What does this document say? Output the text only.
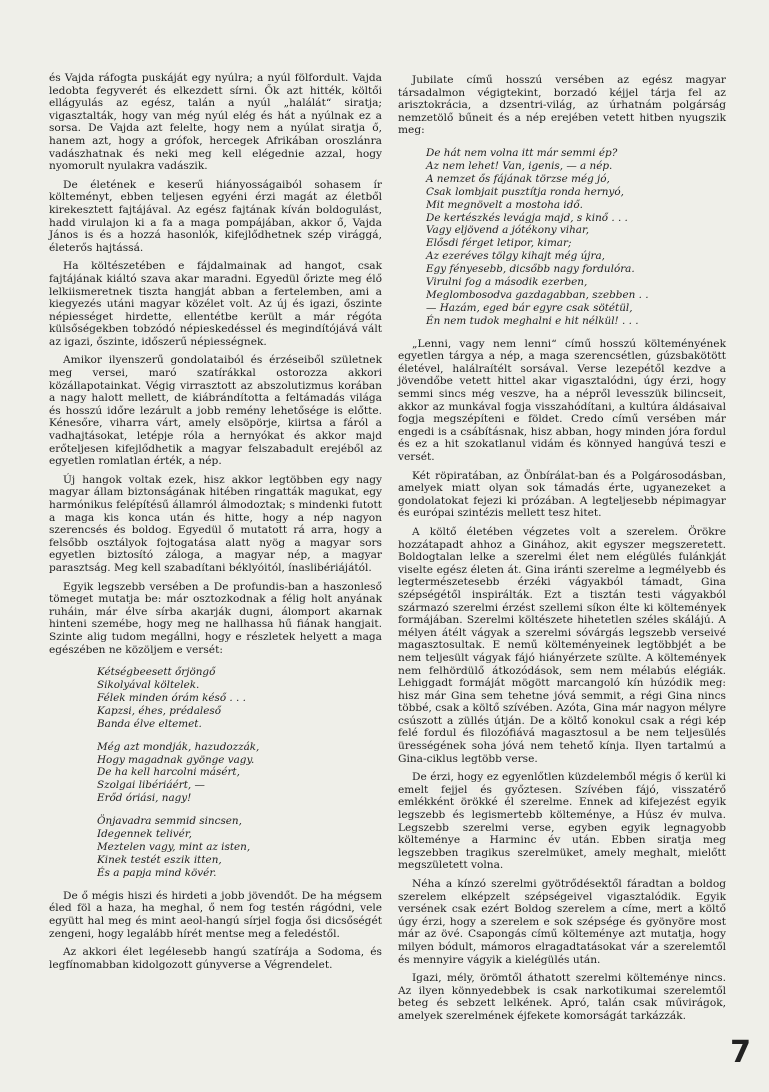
és Vajda ráfogta puskáját egy nyúlra; a nyúl fölfordult. Vajda ledobta fegyverét és elkezdett sírni. Ők azt hitték, költői ellágyulás az egész, talán a nyúl „halálát“ siratja; vigasztalták, hogy van még nyúl elég és hát a nyúlnak ez a sorsa. De Vajda azt felelte, hogy nem a nyúlat siratja ő, hanem azt, hogy a grófok, hercegek Afrikában oroszlánra vadászhatnak és neki meg kell elégednie azzal, hogy nyomorult nyulakra vadászik.

De életének e keserű hiányosságaiból sohasem ír költeményt, ebben teljesen egyéni érzi magát az életből kirekesztett fajtájával. Az egész fajtának kíván boldogulást, hadd virulajon ki a fa a maga pompájában, akkor ő, Vajda János is és a hozzá hasonlók, kifejlődhetnek szép virággá, életerős hajtássá.

Ha költészetében e fájdalmainak ad hangot, csak fajtájának kiáltó szava akar maradni. Egyedül őrizte meg élő lelkiismeretnek tiszta hangját abban a fertelemben, ami a kiegyezés utáni magyar közélet volt. Az új és igazi, őszinte népiességet hirdette, ellentétbe került a már régóta külsőségekben tobzódó népieskedéssel és megindítójává vált az igazi, őszinte, időszerű népiességnek.

Amikor ilyenszerű gondolataiból és érzéseiből születnek meg versei, maró szatírákkal ostorozza akkori közállapotainkat. Végig virrasztott az abszolutizmus korában a nagy halott mellett, de kiábrándította a feltámadás világa és hosszú időre lezárult a jobb remény lehetősége is előtte. Kénesőre, viharra várt, amely elsöpörje, kiirtsa a fáról a vadhajtásokat, letépje róla a hernyókat és akkor majd erőteljesen kifejlődhetik a magyar felszabadult erejéből az egyetlen romlatlan érték, a nép.

Új hangok voltak ezek, hisz akkor legtöbben egy nagy magyar állam biztonságának hitében ringatták magukat, egy harmónikus felépítésű államról álmodoztak; s mindenki futott a maga kis konca után és hitte, hogy a nép nagyon szerencsés és boldog. Egyedül ő mutatott rá arra, hogy a felsőbb osztályok fojtogatása alatt nyög a magyar sors egyetlen biztosító záloga, a magyar nép, a magyar parasztság. Meg kell szabadítani béklyóitól, ínaslibériájától.

Egyik legszebb versében a De profundis-ban a haszonleső tömeget mutatja be: már osztozkodnak a félig holt anyának ruháin, már élve sírba akarják dugni, álomport akarnak hinteni szemébe, hogy meg ne hallhassa hű fiának hangjait. Szinte alig tudom megállni, hogy e részletek helyett a maga egészében ne közöljem e versét:

Kétségbeesett őrjöngő
Sikolyával költelek.
Félek minden órám késő . . .
Kapzsi, éhes, prédaleső
Banda élve eltemet.
Még azt mondják, hazudozzák,
Hogy magadnak gyönge vagy.
De ha kell harcolni másért,
Szolgai libériáért, —
Erőd óriási, nagy!
Önjavadra semmid sincsen,
Idegennek telivér,
Meztelen vagy, mint az isten,
Kinek testét eszik itten,
És a papja mind kövér.

De ő mégis hiszi és hirdeti a jobb jövendőt. De ha mégsem éled föl a haza, ha meghal, ő nem fog testén rágódni, vele együtt hal meg és mint aeol-hangú sírjel fogja ősi dicsőségét zengeni, hogy legalább hírét mentse meg a feledéstől.

Az akkori élet legélesebb hangú szatírája a Sodoma, és legfínomabban kidolgozott gúnyverse a Végrendelet.

Jubilate című hosszú versében az egész magyar társadalmon végigtekint, borzadó kéjjel tárja fel az arisztokrácia, a dzsentri-világ, az úrhatnám polgárság nemzetölő bűneit és a nép erejében vetett hitben nyugszik meg:

De hát nem volna itt már semmi ép?
Az nem lehet! Van, igenis, — a nép.
A nemzet ős fájának törzse még jó,
Csak lombjait pusztítja ronda hernyó,
Mit megnövelt a mostoha idő.
De kertészkés levágja majd, s kinő . . .
Vagy eljövend a jótékony vihar,
Elősdi férget letipor, kimar;
Az ezeréves tölgy kihajt még újra,
Egy fényesebb, dicsőbb nagy fordulóra.
Virulni fog a második ezerben,
Meglombosodva gazdagabban, szebben . .
— Hazám, eged bár egyre csak sötétül,
Én nem tudok meghalni e hit nélkül! . . .

„Lenni, vagy nem lenni“ című hosszú költeményének egyetlen tárgya a nép, a maga szerencsétlen, gúzsbakötött életével, halálraítélt sorsával. Verse lezepétől kezdve a jövendőbe vetett hittel akar vigasztalódni, úgy érzi, hogy semmi sincs még veszve, ha a népről levesszük bilincseit, akkor az munkával fogja visszahódítani, a kultúra áldásaival fogja megszépíteni e földet. Credo című versében már engedi is a csábításnak, hisz abban, hogy minden jóra fordul és ez a hit szokatlanul vidám és könnyed hangúvá teszi e versét.

Két röpiratában, az Önbírálat-ban és a Polgárosodásban, amelyek miatt olyan sok támadás érte, ugyanezeket a gondolatokat fejezi ki prózában. A legteljesebb népimagyar és európai szintézis mellett tesz hitet.

A költő életében végzetes volt a szerelem. Örökre hozzátapadt ahhoz a Ginához, akit egyszer megszeretett. Boldogtalan lelke a szerelmi élet nem elégülés fulánkját viselte egész életen át. Gina iránti szerelme a legmélyebb és legtermészetesebb érzéki vágyakból támadt, Gina szépségétől inspirálták. Ezt a tisztán testi vágyakból származó szerelmi érzést szellemi síkon élte ki költemények formájában. Szerelmi költészete hihetetlen széles skálájú. A mélyen átélt vágyak a szerelmi sóvárgás legszebb verseivé magasztosultak. E nemű költeményeinek legtöbbjét a be nem teljesült vágyak fájó hiányérzete szülte. A költemények nem felhördülő átkozódások, sem nem mélabús elégiák. Lehiggadt formáját mögött marcangoló kín húzódik meg: hisz már Gina sem tehetne jóvá semmit, a régi Gina nincs többé, csak a költő szívében. Azóta, Gina már nagyon mélyre csúszott a züllés útján. De a költő konokul csak a régi kép felé fordul és filozófiává magasztosul a be nem teljesülés ürességének soha jóvá nem tehető kínja. Ilyen tartalmú a Gina-ciklus legtöbb verse.

De érzi, hogy ez egyenlőtlen küzdelemből mégis ő kerül ki emelt fejjel és győztesen. Szívében fájó, visszatérő emlékként örökké él szerelme. Ennek ad kifejezést egyik legszebb és legismertebb költeménye, a Húsz év mulva. Legszebb szerelmi verse, egyben egyik legnagyobb költeménye a Harminc év után. Ebben siratja meg legszebben tragikus szerelmüket, amely meghalt, mielőtt megszületett volna.

Néha a kínzó szerelmi gyötrődésektől fáradtan a boldog szerelem elképzelt szépségeivel vigasztalódik. Egyik versének csak ezért Boldog szerelem a címe, mert a költő úgy érzi, hogy a szerelem e sok szépsége és gyönyöre most már az övé. Csapongás című költeménye azt mutatja, hogy milyen bódult, mámoros elragadtatásokat vár a szerelemtől és mennyire vágyik a kielégülés után.

Igazi, mély, örömtől áthatott szerelmi költeménye nincs. Az ilyen könnyedebbek is csak narkotikumai szerelemtől beteg és sebzett lelkének. Apró, talán csak művirágok, amelyek szerelmének éjfekete komorságát tarkázzák.

7
